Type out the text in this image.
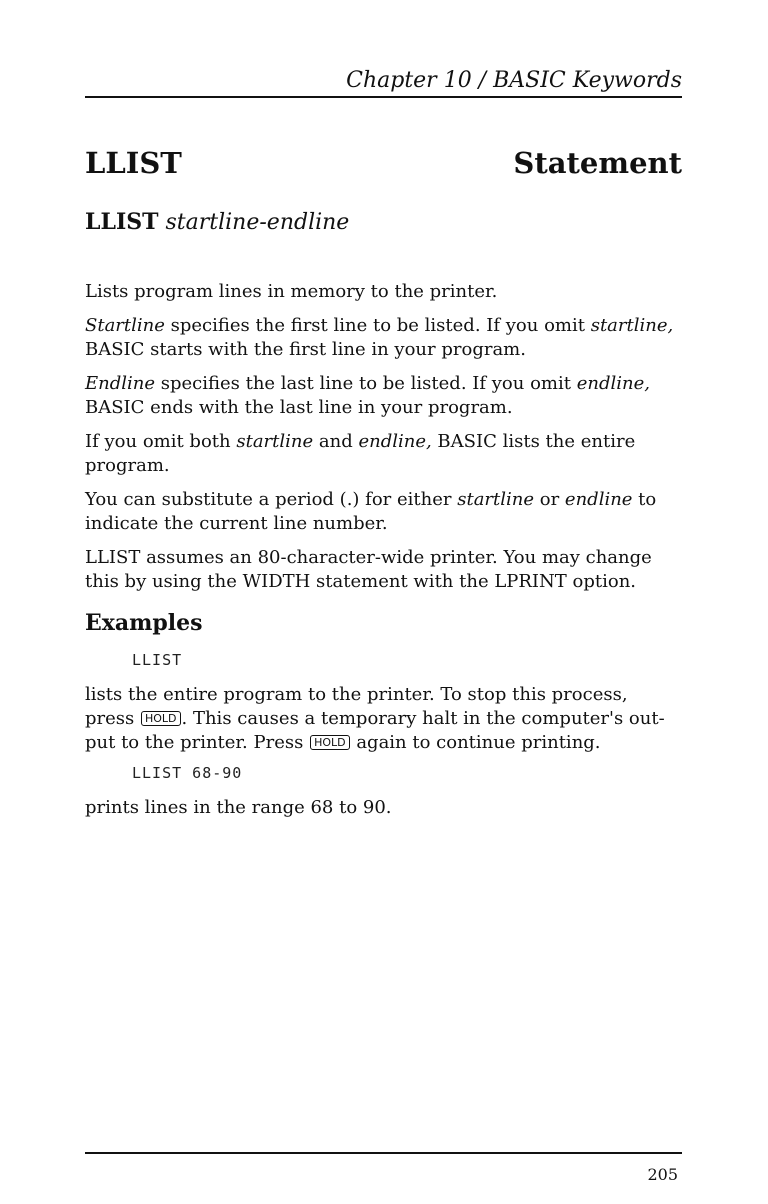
Chapter 10 / BASIC Keywords
LLIST	Statement
LLIST startline-endline
Lists program lines in memory to the printer.
Startline specifies the first line to be listed. If you omit startline,
BASIC starts with the first line in your program.
Endline specifies the last line to be listed. If you omit endline,
BASIC ends with the last line in your program.
If you omit both startline and endline, BASIC lists the entire
program.
You can substitute a period (.) for either startline or endline to
indicate the current line number.
LLIST assumes an 80-character-wide printer. You may change
this by using the WIDTH statement with the LPRINT option.
Examples
LLIST
lists the entire program to the printer. To stop this process,
press HOLD . This causes a temporary halt in the computer's out-
put to the printer. Press HOLD again to continue printing.
LLIST 68-90
prints lines in the range 68 to 90.
205
